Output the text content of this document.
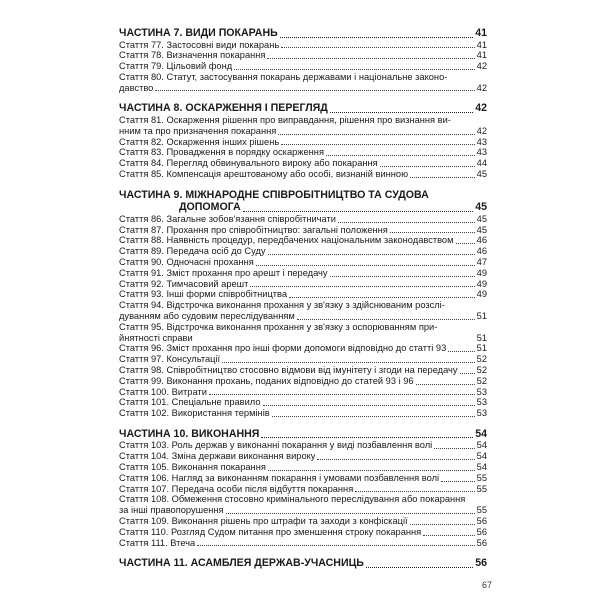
ЧАСТИНА 7. ВИДИ ПОКАРАНЬ	41
Стаття 77. Застосовні види покарань	41
Стаття 78. Визначення покарання	41
Стаття 79. Цільовий фонд	42
Стаття 80. Статут, застосування покарань державами і національне законо-
давство	42
ЧАСТИНА 8. ОСКАРЖЕННЯ І ПЕРЕГЛЯД	42
Стаття 81. Оскарження рішення про виправдання, рішення про визнання ви-
нним та про призначення покарання	42
Стаття 82. Оскарження інших рішень	43
Стаття 83. Провадження в порядку оскарження	43
Стаття 84. Перегляд обвинувального вироку або покарання	44
Стаття 85. Компенсація арештованому або особі, визнаній винною	45
ЧАСТИНА 9. МІЖНАРОДНЕ СПІВРОБІТНИЦТВО ТА СУДОВА
ДОПОМОГА	45
Стаття 86. Загальне зобов'язання співробітничати	45
Стаття 87. Прохання про співробітництво: загальні положення	45
Стаття 88. Наявність процедур, передбачених національним законодавством 46
Стаття 89. Передача осіб до Суду	46
Стаття 90. Одночасні прохання	47
Стаття 91. Зміст прохання про арешт і передачу	49
Стаття 92. Тимчасовий арешт	49
Стаття 93. Інші форми співробітництва	49
Стаття 94. Відстрочка виконання прохання у зв'язку з здійснюваним розслі-
дуванням або судовим переслідуванням	51
Стаття 95. Відстрочка виконання прохання у зв'язку з оспорюванням при-
йнятності справи	51
Стаття 96. Зміст прохання про інші форми допомоги відповідно до статті 93	51
Стаття 97. Консультації	52
Стаття 98. Співробітництво стосовно відмови від імунітету і згоди на передачу 52
Стаття 99. Виконання прохань, поданих відповідно до статей 93 і 96	52
Стаття 100. Витрати	53
Стаття 101. Спеціальне правило	53
Стаття 102. Використання термінів	53
ЧАСТИНА 10. ВИКОНАННЯ	54
Стаття 103. Роль держав у виконанні покарання у виді позбавлення волі	54
Стаття 104. Зміна держави виконання вироку	54
Стаття 105. Виконання покарання	54
Стаття 106. Нагляд за виконанням покарання і умовами позбавлення волі	55
Стаття 107. Передача особи після відбуття покарання	55
Стаття 108. Обмеження стосовно кримінального переслідування або покарання
за інші правопорушення	55
Стаття 109. Виконання рішень про штрафи та заходи з конфіскації	56
Стаття 110. Розгляд Судом питання про зменшення строку покарання	56
Стаття 111. Втеча	56
ЧАСТИНА 11. АСАМБЛЕЯ ДЕРЖАВ-УЧАСНИЦЬ	56
67
